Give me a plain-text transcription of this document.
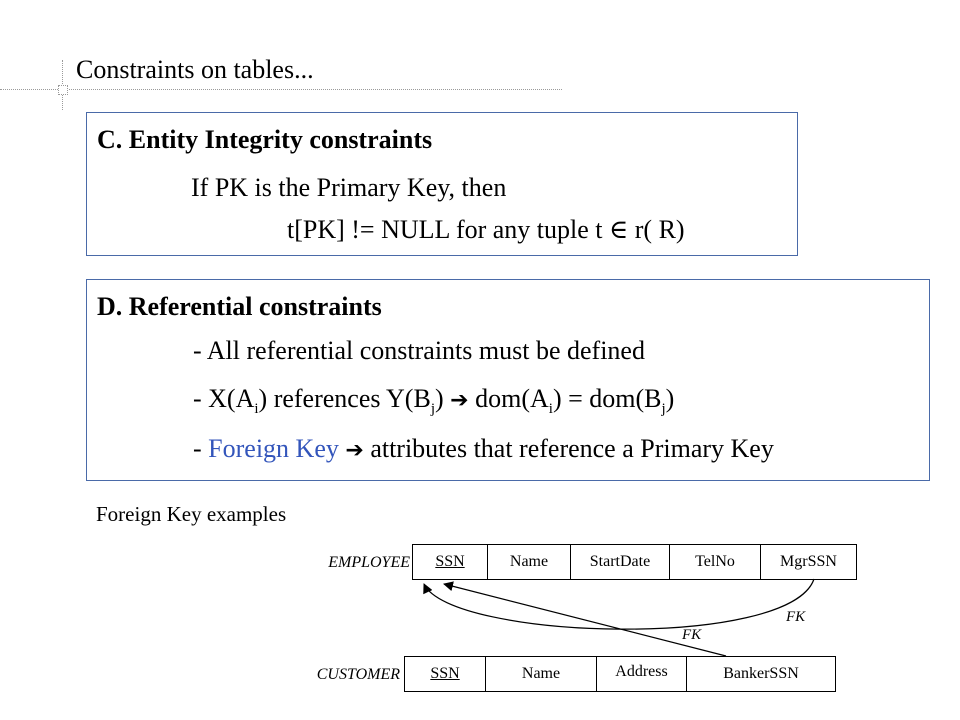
Constraints on tables...
C. Entity Integrity constraints
If PK is the Primary Key, then
t[PK] != NULL for any tuple t ∈ r( R)
D. Referential constraints
- All referential constraints must be defined
- $X(A_i)$ references $Y(B_j)$ ➔ $dom(A_i) = dom(B_j)$
- Foreign Key ➔ attributes that reference a Primary Key
Foreign Key examples
EMPLOYEE	SSN	Name	StartDate	TelNo	MgrSSN
CUSTOMER	SSN	Name	Address	BankerSSN
FK
FK
